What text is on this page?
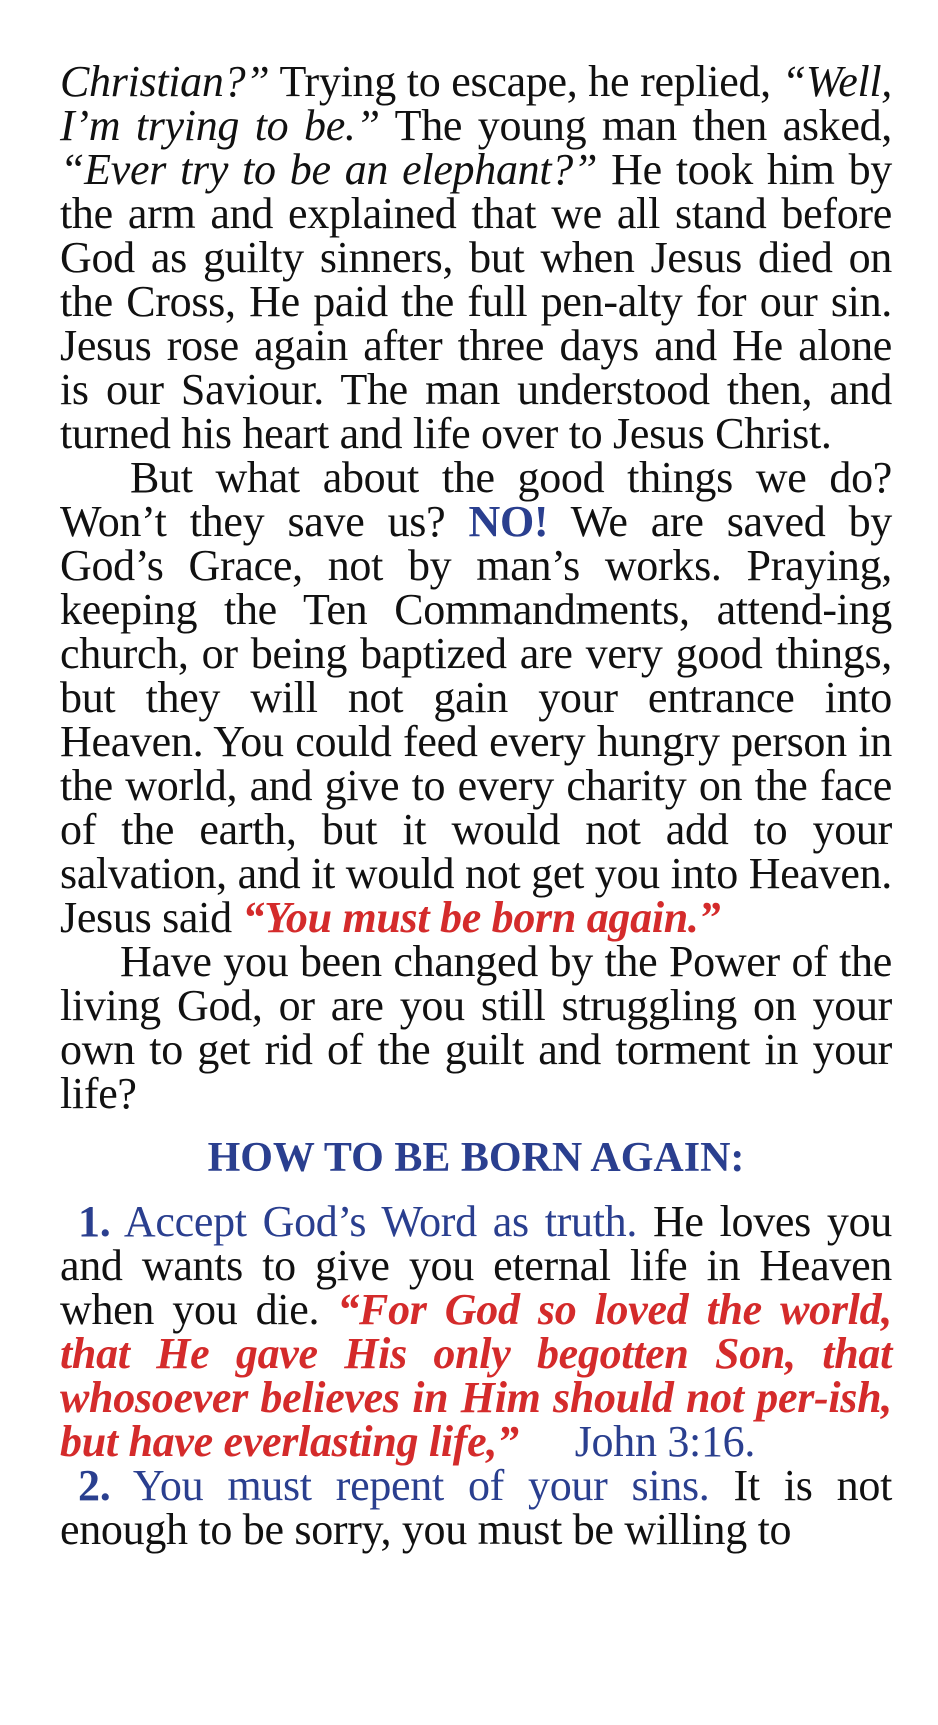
Christian?” Trying to escape, he replied, “Well, I’m trying to be.” The young man then asked, “Ever try to be an elephant?” He took him by the arm and explained that we all stand before God as guilty sinners, but when Jesus died on the Cross, He paid the full pen-alty for our sin. Jesus rose again after three days and He alone is our Saviour. The man understood then, and turned his heart and life over to Jesus Christ.

But what about the good things we do? Won’t they save us? NO! We are saved by God’s Grace, not by man’s works. Praying, keeping the Ten Commandments, attend-ing church, or being baptized are very good things, but they will not gain your entrance into Heaven. You could feed every hungry person in the world, and give to every charity on the face of the earth, but it would not add to your salvation, and it would not get you into Heaven. Jesus said “You must be born again.”

Have you been changed by the Power of the living God, or are you still struggling on your own to get rid of the guilt and torment in your life?

HOW TO BE BORN AGAIN:

1. Accept God’s Word as truth. He loves you and wants to give you eternal life in Heaven when you die. “For God so loved the world, that He gave His only begotten Son, that whosoever believes in Him should not per-ish, but have everlasting life,” John 3:16.

2. You must repent of your sins. It is not enough to be sorry, you must be willing to
